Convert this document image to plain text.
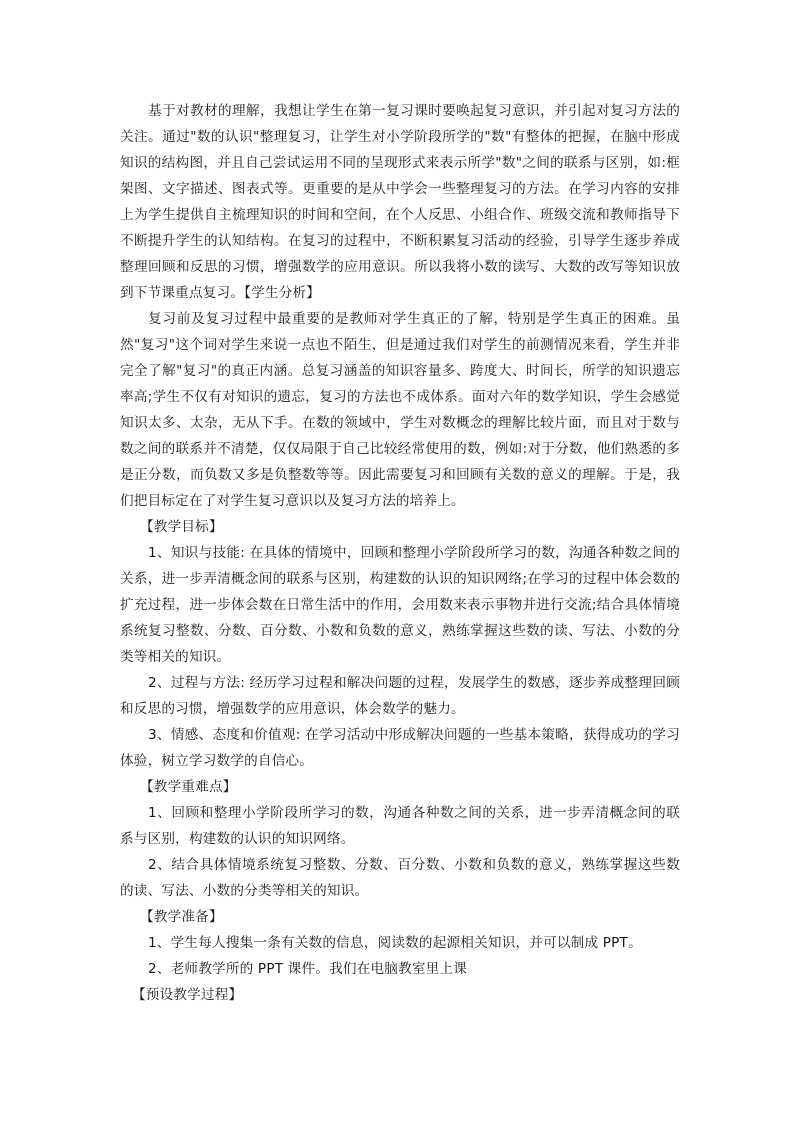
基于对教材的理解，我想让学生在第一复习课时要唤起复习意识，并引起对复习方法的关注。通过"数的认识"整理复习，让学生对小学阶段所学的"数"有整体的把握，在脑中形成知识的结构图，并且自己尝试运用不同的呈现形式来表示所学"数"之间的联系与区别，如:框架图、文字描述、图表式等。更重要的是从中学会一些整理复习的方法。在学习内容的安排上为学生提供自主梳理知识的时间和空间，在个人反思、小组合作、班级交流和教师指导下不断提升学生的认知结构。在复习的过程中，不断积累复习活动的经验，引导学生逐步养成整理回顾和反思的习惯，增强数学的应用意识。所以我将小数的读写、大数的改写等知识放到下节课重点复习。【学生分析】

复习前及复习过程中最重要的是教师对学生真正的了解，特别是学生真正的困难。虽然"复习"这个词对学生来说一点也不陌生，但是通过我们对学生的前测情况来看，学生并非完全了解"复习"的真正内涵。总复习涵盖的知识容量多、跨度大、时间长，所学的知识遗忘率高;学生不仅有对知识的遗忘，复习的方法也不成体系。面对六年的数学知识，学生会感觉知识太多、太杂，无从下手。在数的领域中，学生对数概念的理解比较片面，而且对于数与数之间的联系并不清楚，仅仅局限于自己比较经常使用的数，例如:对于分数，他们熟悉的多是正分数，而负数又多是负整数等等。因此需要复习和回顾有关数的意义的理解。于是，我们把目标定在了对学生复习意识以及复习方法的培养上。

【教学目标】

1、知识与技能: 在具体的情境中，回顾和整理小学阶段所学习的数，沟通各种数之间的关系，进一步弄清概念间的联系与区别，构建数的认识的知识网络;在学习的过程中体会数的扩充过程，进一步体会数在日常生活中的作用，会用数来表示事物并进行交流;结合具体情境系统复习整数、分数、百分数、小数和负数的意义，熟练掌握这些数的读、写法、小数的分类等相关的知识。

2、过程与方法: 经历学习过程和解决问题的过程，发展学生的数感，逐步养成整理回顾和反思的习惯，增强数学的应用意识，体会数学的魅力。

3、情感、态度和价值观: 在学习活动中形成解决问题的一些基本策略，获得成功的学习体验，树立学习数学的自信心。

【教学重难点】

1、回顾和整理小学阶段所学习的数，沟通各种数之间的关系，进一步弄清概念间的联系与区别，构建数的认识的知识网络。

2、结合具体情境系统复习整数、分数、百分数、小数和负数的意义，熟练掌握这些数的读、写法、小数的分类等相关的知识。

【教学准备】

1、学生每人搜集一条有关数的信息，阅读数的起源相关知识，并可以制成 PPT。

2、老师教学所的 PPT 课件。我们在电脑教室里上课

【预设教学过程】
